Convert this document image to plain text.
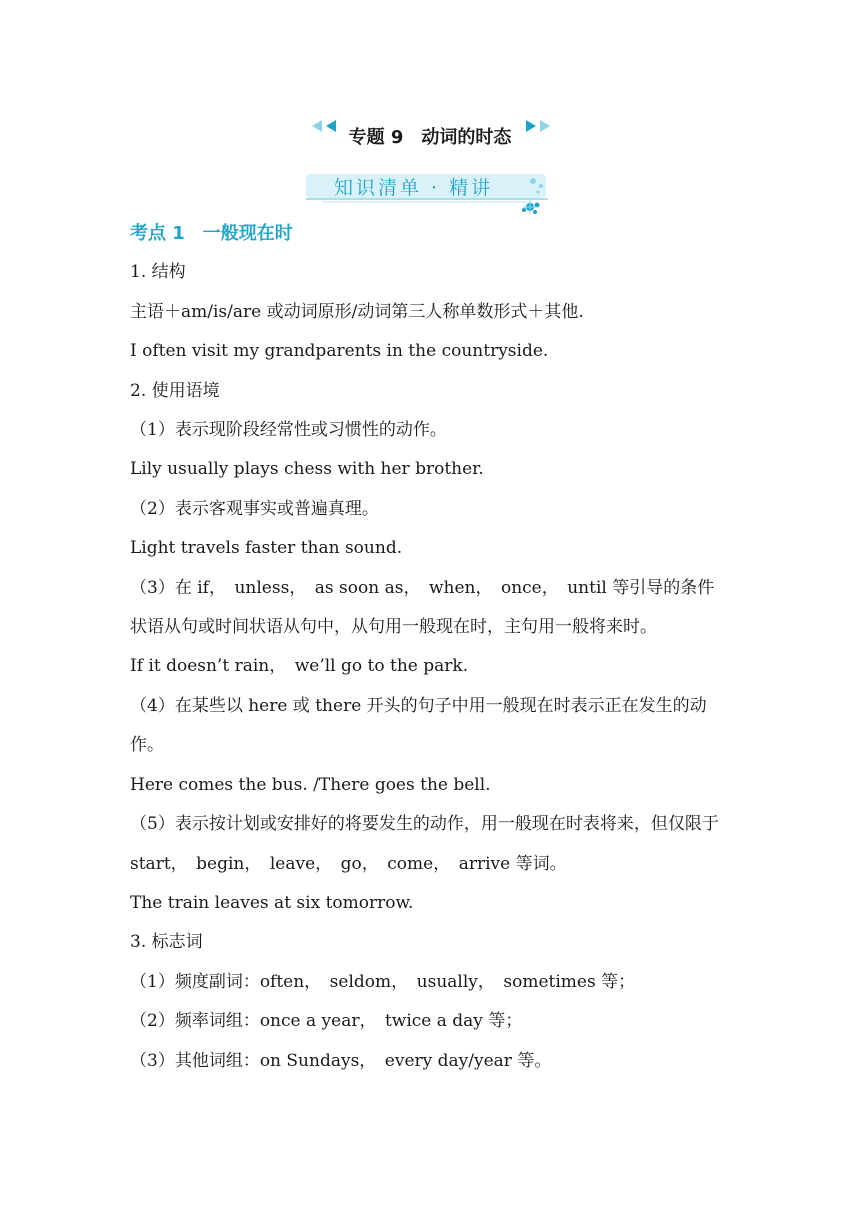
专题 9　动词的时态
知识清单 · 精讲
考点 1　一般现在时
1. 结构
主语＋am/is/are 或动词原形/动词第三人称单数形式＋其他.
I often visit my grandparents in the countryside.
2. 使用语境
（1）表示现阶段经常性或习惯性的动作。
Lily usually plays chess with her brother.
（2）表示客观事实或普遍真理。
Light travels faster than sound.
（3）在 if，　unless，　as soon as，　when，　once，　until 等引导的条件状语从句或时间状语从句中，从句用一般现在时，主句用一般将来时。
If it doesn’t rain，　we’ll go to the park.
（4）在某些以 here 或 there 开头的句子中用一般现在时表示正在发生的动作。
Here comes the bus. /There goes the bell.
（5）表示按计划或安排好的将要发生的动作，用一般现在时表将来，但仅限于 start，　begin，　leave，　go，　come，　arrive 等词。
The train leaves at six tomorrow.
3. 标志词
（1）频度副词：often，　seldom，　usually，　sometimes 等；
（2）频率词组：once a year，　twice a day 等；
（3）其他词组：on Sundays，　every day/year 等。
